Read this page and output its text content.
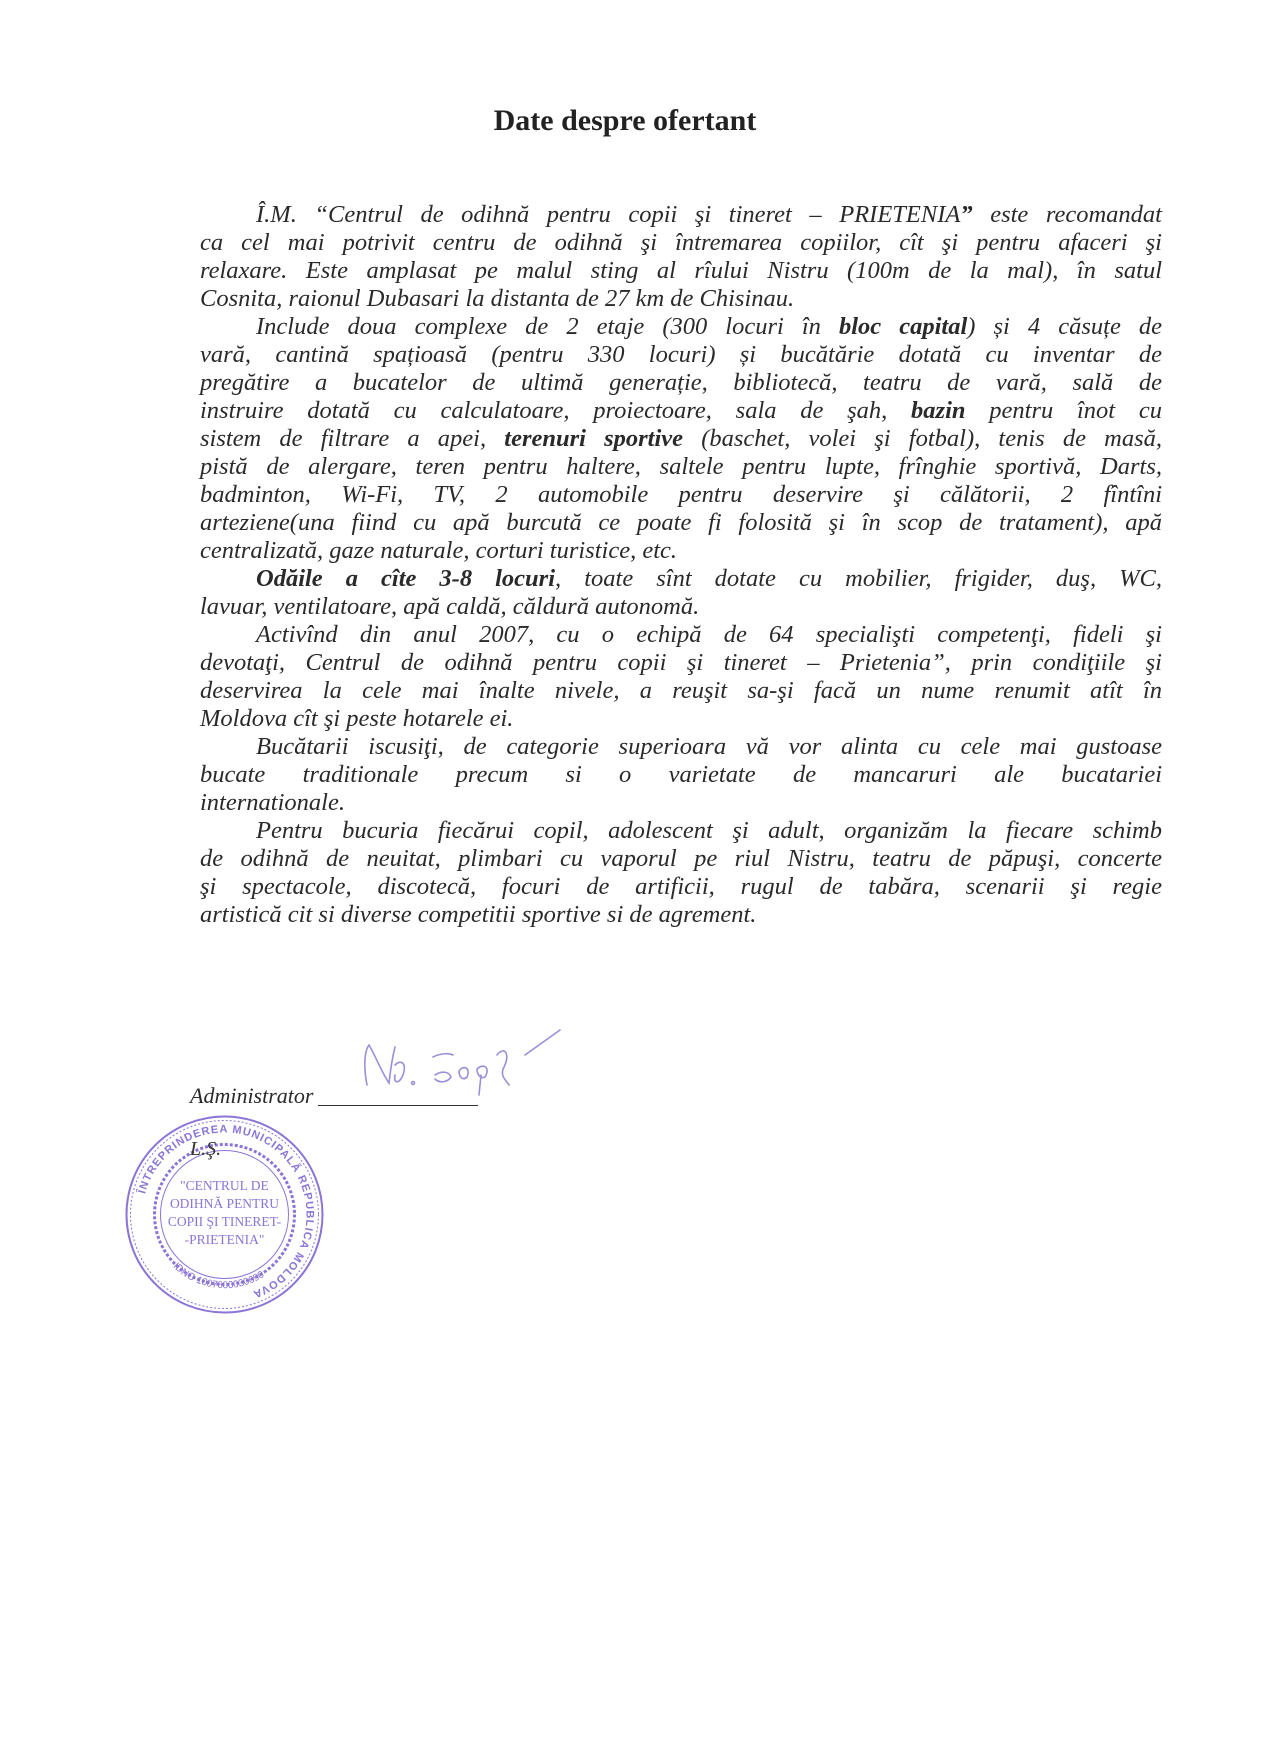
Date despre ofertant
Î.M. “Centrul de odihnă pentru copii şi tineret – PRIETENIA” este recomandat
ca cel mai potrivit centru de odihnă şi întremarea copiilor, cît şi pentru afaceri şi
relaxare. Este amplasat pe malul sting al rîului Nistru (100m de la mal), în satul
Cosnita, raionul Dubasari la distanta de 27 km de Chisinau.
Include doua complexe de 2 etaje (300 locuri în bloc capital) și 4 căsuțe de
vară, cantină spațioasă (pentru 330 locuri) și bucătărie dotată cu inventar de
pregătire a bucatelor de ultimă generație, bibliotecă, teatru de vară, sală de
instruire dotată cu calculatoare, proiectoare, sala de şah, bazin pentru înot cu
sistem de filtrare a apei, terenuri sportive (baschet, volei şi fotbal), tenis de masă,
pistă de alergare, teren pentru haltere, saltele pentru lupte, frînghie sportivă, Darts,
badminton, Wi-Fi, TV, 2 automobile pentru deservire şi călătorii, 2 fîntîni
arteziene(una fiind cu apă burcută ce poate fi folosită şi în scop de tratament), apă
centralizată, gaze naturale, corturi turistice, etc.
Odăile a cîte 3-8 locuri, toate sînt dotate cu mobilier, frigider, duş, WC,
lavuar, ventilatoare, apă caldă, căldură autonomă.
Activînd din anul 2007, cu o echipă de 64 specialişti competenţi, fideli şi
devotaţi, Centrul de odihnă pentru copii şi tineret – Prietenia”, prin condiţiile şi
deservirea la cele mai înalte nivele, a reuşit sa-şi facă un nume renumit atît în
Moldova cît şi peste hotarele ei.
Bucătarii iscusiţi, de categorie superioara vă vor alinta cu cele mai gustoase
bucate traditionale precum si o varietate de mancaruri ale bucatariei
internationale.
Pentru bucuria fiecărui copil, adolescent şi adult, organizăm la fiecare schimb
de odihnă de neuitat, plimbari cu vaporul pe riul Nistru, teatru de păpuşi, concerte
şi spectacole, discotecă, focuri de artificii, rugul de tabăra, scenarii şi regie
artistică cit si diverse competitii sportive si de agrement.
Administrator
L.Ş.
ÎNTREPRINDEREA MUNICIPALĂ REPUBLICA MOLDOVA
IDNO 1007600030690
"CENTRUL DE
ODIHNĂ PENTRU
COPII ŞI TINERET-
-PRIETENIA"
